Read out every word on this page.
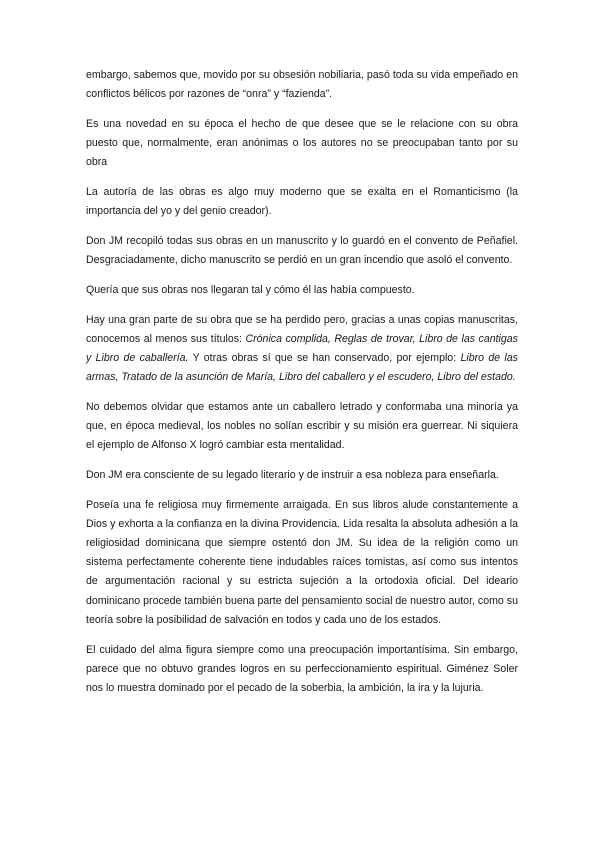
embargo, sabemos que, movido por su obsesión nobiliaria, pasó toda su vida empeñado en conflictos bélicos por razones de “onra” y “fazienda”.

Es una novedad en su época el hecho de que desee que se le relacione con su obra puesto que, normalmente, eran anónimas o los autores no se preocupaban tanto por su obra

La autoría de las obras es algo muy moderno que se exalta en el Romanticismo (la importancia del yo y del genio creador).

Don JM recopiló todas sus obras en un manuscrito y lo guardó en el convento de Peñafiel. Desgraciadamente, dicho manuscrito se perdió en un gran incendio que asoló el convento.

Quería que sus obras nos llegaran tal y cómo él las había compuesto.

Hay una gran parte de su obra que se ha perdido pero, gracias a unas copias manuscritas, conocemos al menos sus títulos: Crónica complida, Reglas de trovar, Libro de las cantigas y Libro de caballería. Y otras obras sí que se han conservado, por ejemplo: Libro de las armas, Tratado de la asunción de María, Libro del caballero y el escudero, Libro del estado.

No debemos olvidar que estamos ante un caballero letrado y conformaba una minoría ya que, en época medieval, los nobles no solían escribir y su misión era guerrear. Ni siquiera el ejemplo de Alfonso X logró cambiar esta mentalidad.

Don JM era consciente de su legado literario y de instruir a esa nobleza para enseñarla.

Poseía una fe religiosa muy firmemente arraigada. En sus libros alude constantemente a Dios y exhorta a la confianza en la divina Providencia. Lida resalta la absoluta adhesión a la religiosidad dominicana que siempre ostentó don JM. Su idea de la religión como un sistema perfectamente coherente tiene indudables raíces tomistas, así como sus intentos de argumentación racional y su estricta sujeción a la ortodoxia oficial. Del ideario dominicano procede también buena parte del pensamiento social de nuestro autor, como su teoría sobre la posibilidad de salvación en todos y cada uno de los estados.

El cuidado del alma figura siempre como una preocupación importantísima. Sin embargo, parece que no obtuvo grandes logros en su perfeccionamiento espiritual. Giménez Soler nos lo muestra dominado por el pecado de la soberbia, la ambición, la ira y la lujuria.
